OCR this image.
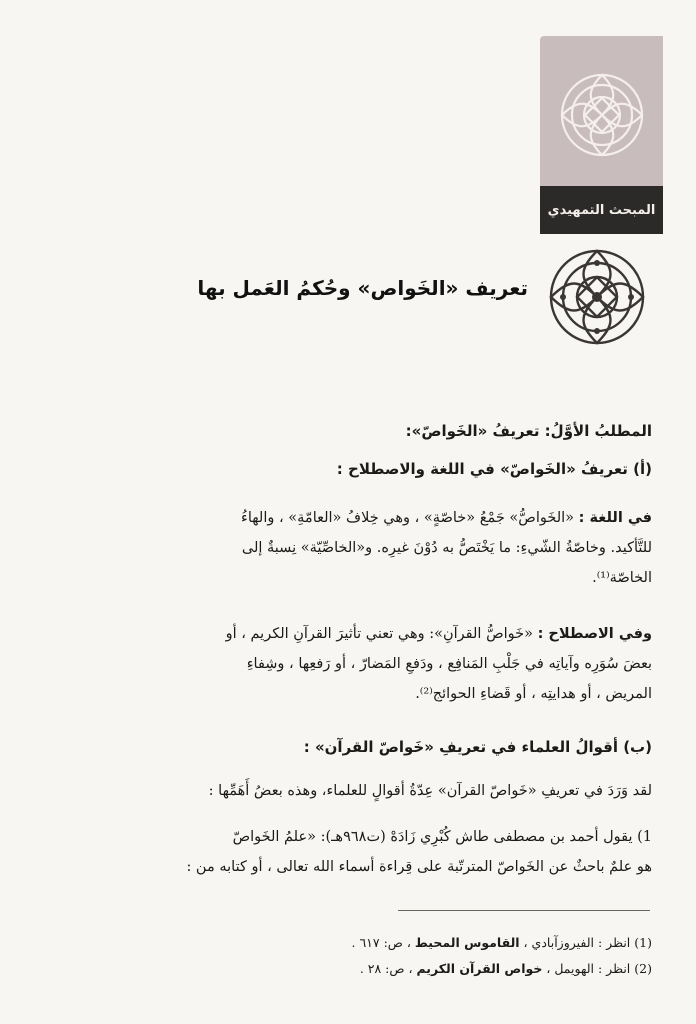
المبحث التمهيدي
تعريف «الخَواص» وحُكمُ العَمل بها
المطلبُ الأوَّلُ: تعريفُ «الخَواصّ»:
(أ) تعريفُ «الخَواصّ» في اللغة والاصطلاح :
في اللغة : «الخَواصُّ» جَمْعُ «خاصّةٍ» ، وهي خِلافُ «العامّةِ» ، والهاءُ
للتَّأكيد. وخاصّةُ الشّيءِ: ما يَخْتَصُّ به دُوْنَ غيرِه. و«الخاصِّيّة» نِسبةٌ إلى
الخاصّة⁽¹⁾.
وفي الاصطلاح : «خَواصُّ القرآنِ»: وهي تعني تأثيرَ القرآنِ الكريم ، أو
بعضَ سُوَرِه وآياتِه في جَلْبِ المَنافِع ، ودَفعِ المَضارّ ، أو رَفعِها ، وشِفاءِ
المريض ، أو هدايتِه ، أو قَضاءِ الحوائج⁽²⁾.
(ب) أقوالُ العلماء في تعريفِ «خَواصّ القرآن» :
لقد وَرَدَ في تعريفِ «خَواصّ القرآن» عِدّةُ أقوالٍ للعلماء، وهذه بعضُ أَهَمِّها :
1) يقول أحمد بن مصطفى طاش كُبْرِي زَادَهْ (ت٩٦٨هـ): «علمُ الخَواصّ
هو علمٌ باحثٌ عن الخَواصّ المترتّبة على قِراءة أسماء الله تعالى ، أو كتابه من :
(1) انظر : الفيروزآبادي ، القاموس المحيط ، ص: ٦١٧ .
(2) انظر : الهويمل ، خواص القرآن الكريم ، ص: ٢٨ .
